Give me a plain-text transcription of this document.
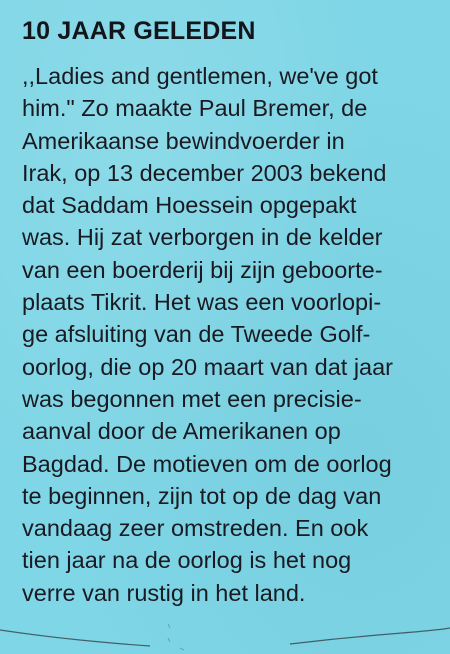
10 JAAR GELEDEN
,,Ladies and gentlemen, we've got
him." Zo maakte Paul Bremer, de
Amerikaanse bewindvoerder in
Irak, op 13 december 2003 bekend
dat Saddam Hoessein opgepakt
was. Hij zat verborgen in de kelder
van een boerderij bij zijn geboorte-
plaats Tikrit. Het was een voorlopi-
ge afsluiting van de Tweede Golf-
oorlog, die op 20 maart van dat jaar
was begonnen met een precisie-
aanval door de Amerikanen op
Bagdad. De motieven om de oorlog
te beginnen, zijn tot op de dag van
vandaag zeer omstreden. En ook
tien jaar na de oorlog is het nog
verre van rustig in het land.
